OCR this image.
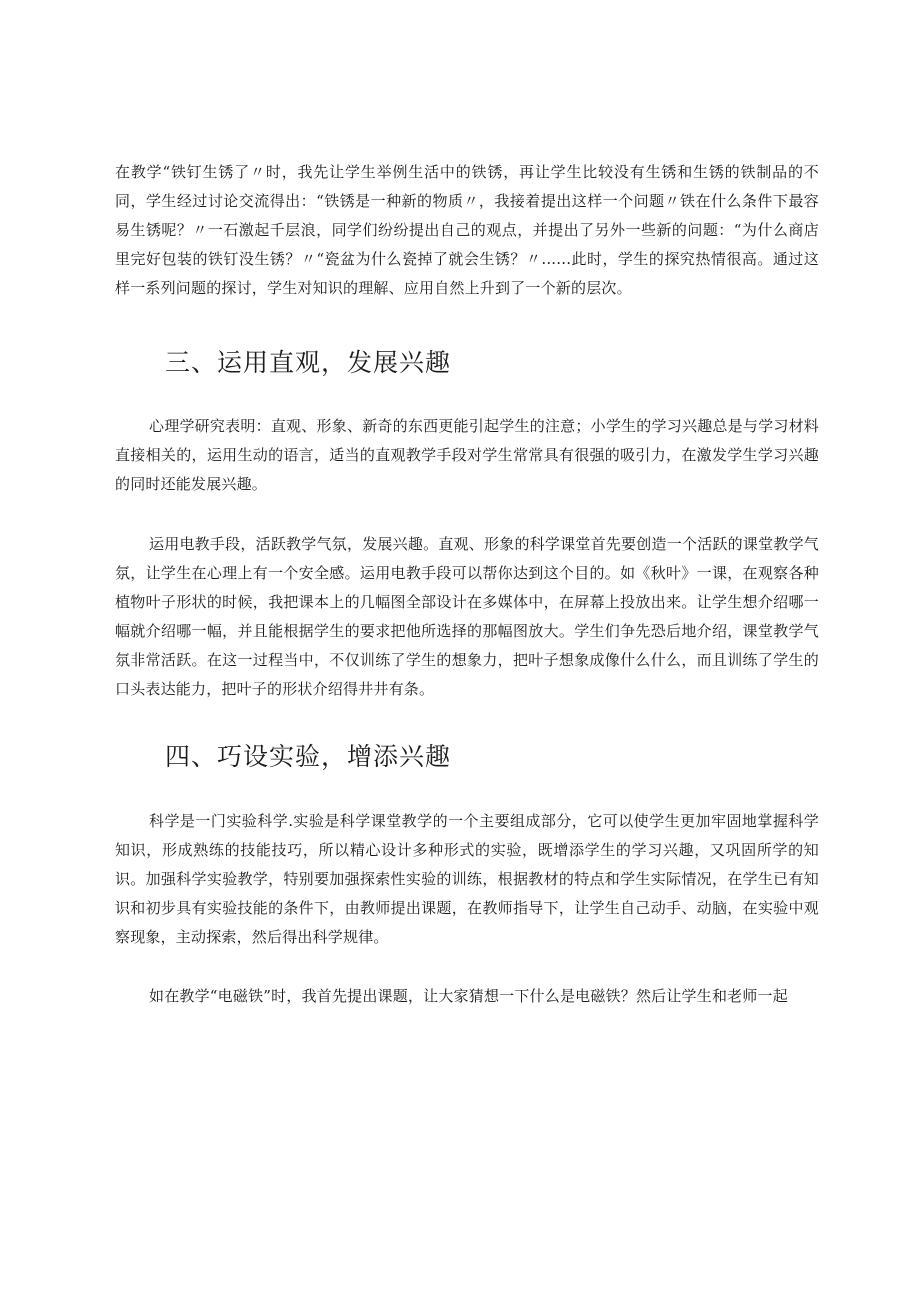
在教学“铁钉生锈了〃时，我先让学生举例生活中的铁锈，再让学生比较没有生锈和生锈的铁制品的不同，学生经过讨论交流得出：“铁锈是一种新的物质〃，我接着提出这样一个问题〃铁在什么条件下最容易生锈呢？〃一石激起千层浪，同学们纷纷提出自己的观点，并提出了另外一些新的问题：“为什么商店里完好包装的铁钉没生锈？〃“瓷盆为什么瓷掉了就会生锈？〃......此时，学生的探究热情很高。通过这样一系列问题的探讨，学生对知识的理解、应用自然上升到了一个新的层次。

三、运用直观，发展兴趣

心理学研究表明：直观、形象、新奇的东西更能引起学生的注意；小学生的学习兴趣总是与学习材料直接相关的，运用生动的语言，适当的直观教学手段对学生常常具有很强的吸引力，在激发学生学习兴趣的同时还能发展兴趣。

运用电教手段，活跃教学气氛，发展兴趣。直观、形象的科学课堂首先要创造一个活跃的课堂教学气氛，让学生在心理上有一个安全感。运用电教手段可以帮你达到这个目的。如《秋叶》一课，在观察各种植物叶子形状的时候，我把课本上的几幅图全部设计在多媒体中，在屏幕上投放出来。让学生想介绍哪一幅就介绍哪一幅，并且能根据学生的要求把他所选择的那幅图放大。学生们争先恐后地介绍，课堂教学气氛非常活跃。在这一过程当中，不仅训练了学生的想象力，把叶子想象成像什么什么，而且训练了学生的口头表达能力，把叶子的形状介绍得井井有条。

四、巧设实验，增添兴趣

科学是一门实验科学.实验是科学课堂教学的一个主要组成部分，它可以使学生更加牢固地掌握科学知识，形成熟练的技能技巧，所以精心设计多种形式的实验，既增添学生的学习兴趣，又巩固所学的知识。加强科学实验教学，特别要加强探索性实验的训练，根据教材的特点和学生实际情况，在学生已有知识和初步具有实验技能的条件下，由教师提出课题，在教师指导下，让学生自己动手、动脑，在实验中观察现象，主动探索，然后得出科学规律。

如在教学“电磁铁”时，我首先提出课题，让大家猜想一下什么是电磁铁？然后让学生和老师一起
